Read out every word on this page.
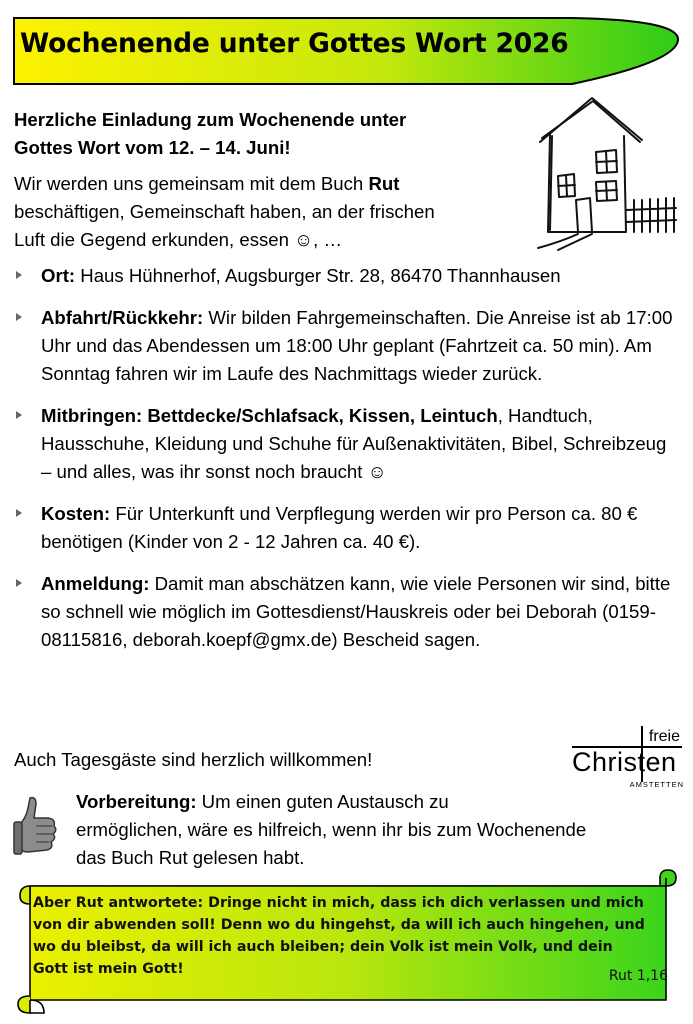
Wochenende unter Gottes Wort 2026
Herzliche Einladung zum Wochenende unter
Gottes Wort vom 12. – 14. Juni!
Wir werden uns gemeinsam mit dem Buch Rut
beschäftigen, Gemeinschaft haben, an der frischen
Luft die Gegend erkunden, essen ☺, …
Ort: Haus Hühnerhof, Augsburger Str. 28, 86470 Thannhausen
Abfahrt/Rückkehr: Wir bilden Fahrgemeinschaften. Die Anreise ist ab 17:00 Uhr und das Abendessen um 18:00 Uhr geplant (Fahrtzeit ca. 50 min). Am Sonntag fahren wir im Laufe des Nachmittags wieder zurück.
Mitbringen: Bettdecke/Schlafsack, Kissen, Leintuch, Handtuch, Hausschuhe, Kleidung und Schuhe für Außenaktivitäten, Bibel, Schreibzeug – und alles, was ihr sonst noch braucht ☺
Kosten: Für Unterkunft und Verpflegung werden wir pro Person ca. 80 € benötigen (Kinder von 2 - 12 Jahren ca. 40 €).
Anmeldung: Damit man abschätzen kann, wie viele Personen wir sind, bitte so schnell wie möglich im Gottesdienst/Hauskreis oder bei Deborah (0159-08115816, deborah.koepf@gmx.de) Bescheid sagen.
Auch Tagesgäste sind herzlich willkommen!
freie
Christen
AMSTETTEN
Vorbereitung: Um einen guten Austausch zu
ermöglichen, wäre es hilfreich, wenn ihr bis zum Wochenende
das Buch Rut gelesen habt.
Aber Rut antwortete: Dringe nicht in mich, dass ich dich verlassen und mich von dir abwenden soll! Denn wo du hingehst, da will ich auch hingehen, und wo du bleibst, da will ich auch bleiben; dein Volk ist mein Volk, und dein Gott ist mein Gott!	Rut 1,16
